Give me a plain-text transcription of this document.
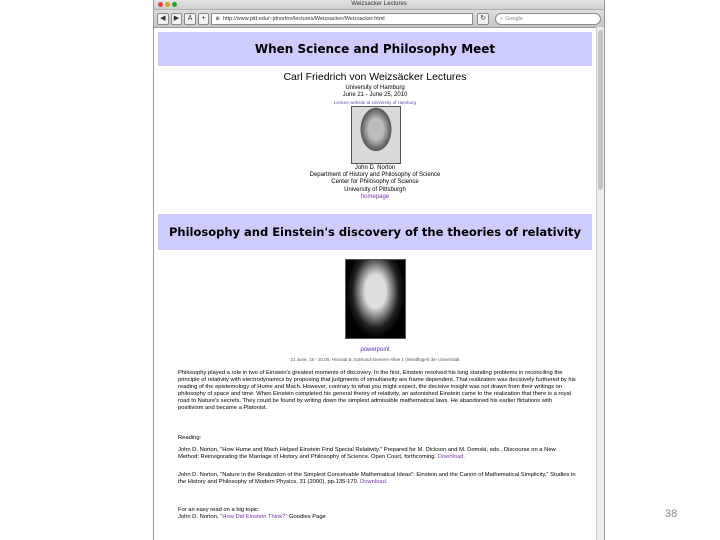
Weizsacker Lectures
◀	▶	A	+	⊕ http://www.pitt.edu/~jdnorton/lectures/Weizsacker/Weizsacker.html	↻	⌕ Google
When Science and Philosophy Meet
Carl Friedrich von Weizsäcker Lectures
University of Hamburg
June 21 - June 25, 2010
Lecture website at University of Hamburg
John D. Norton
Department of History and Philosophy of Science
Center for Philosophy of Science
University of Pittsburgh
homepage
Philosophy and Einstein's discovery of the theories of relativity
powerpoint
21 June, 18 - 20.00, Hörsaal B, Edmund-Siemers-Allee 1 (Westflügel) der Universität
Philosophy played a role in two of Einstein's greatest moments of discovery. In the first, Einstein resolved his long standing problems in reconciling the principle of relativity with electrodynamics by proposing that judgments of simultaneity are frame dependent. That realization was decisively furthered by his reading of the epistemology of Hume and Mach. However, contrary to what you might expect, the decisive insight was not drawn from their writings on philosophy of space and time. When Einstein completed his general theory of relativity, an astonished Einstein came to the realization that there is a royal road to Nature's secrets. They could be found by writing down the simplest admissible mathematical laws. He abandoned his earlier flirtations with positivism and became a Platonist.
Reading:
John D. Norton, "How Hume and Mach Helped Einstein Find Special Relativity." Prepared for M. Dickson and M. Domski, eds., Discourse on a New Method: Reinvigorating the Marriage of History and Philosophy of Science. Open Court, forthcoming. Download.
John D. Norton, "Nature in the Realization of the Simplest Conceivable Mathematical Ideas": Einstein and the Canon of Mathematical Simplicity," Studies in the History and Philosophy of Modern Physics, 31 (2000), pp.135-170. Download.
For an easy read on a big topic:
John D. Norton, "How Did Einstein Think?" Goodies Page	38
